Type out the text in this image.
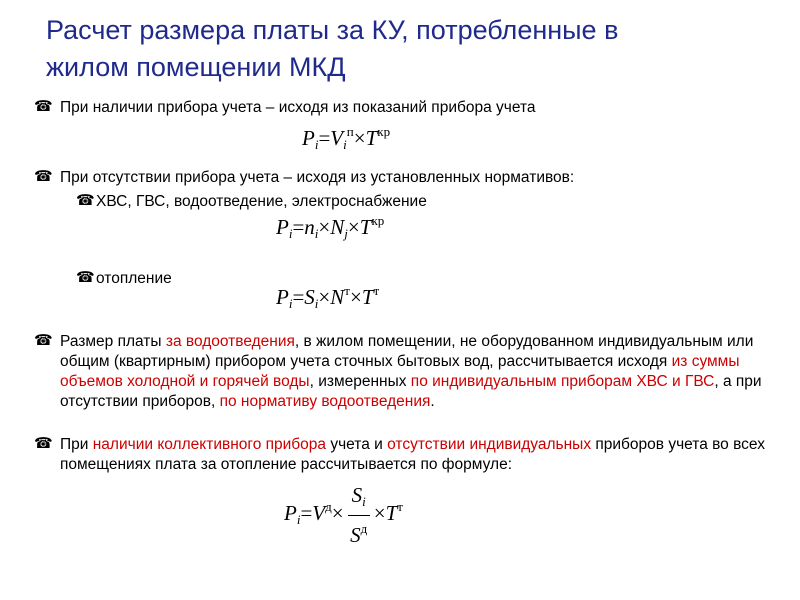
Расчет размера платы за КУ, потребленные в
жилом помещении МКД
☎ При наличии прибора учета – исходя из показаний прибора учета
$P_i=V_i^п\times T^{кр}$
☎ При отсутствии прибора учета – исходя из установленных нормативов:
☎ ХВС, ГВС, водоотведение, электроснабжение
$P_i=n_i\times N_j\times T^{кр}$
☎ отопление
$P_i=S_i\times N^т\times T^т$
☎ Размер платы за водоотведения, в жилом помещении, не оборудованном индивидуальным или общим (квартирным) прибором учета сточных бытовых вод, рассчитывается исходя из суммы объемов холодной и горячей воды, измеренных по индивидуальным приборам ХВС и ГВС, а при отсутствии приборов, по нормативу водоотведения.
☎ При наличии коллективного прибора учета и отсутствии индивидуальных приборов учета во всех помещениях плата за отопление рассчитывается по формуле:
$P_i=V^д\times \frac{S_i}{S^д} \times T^т$
